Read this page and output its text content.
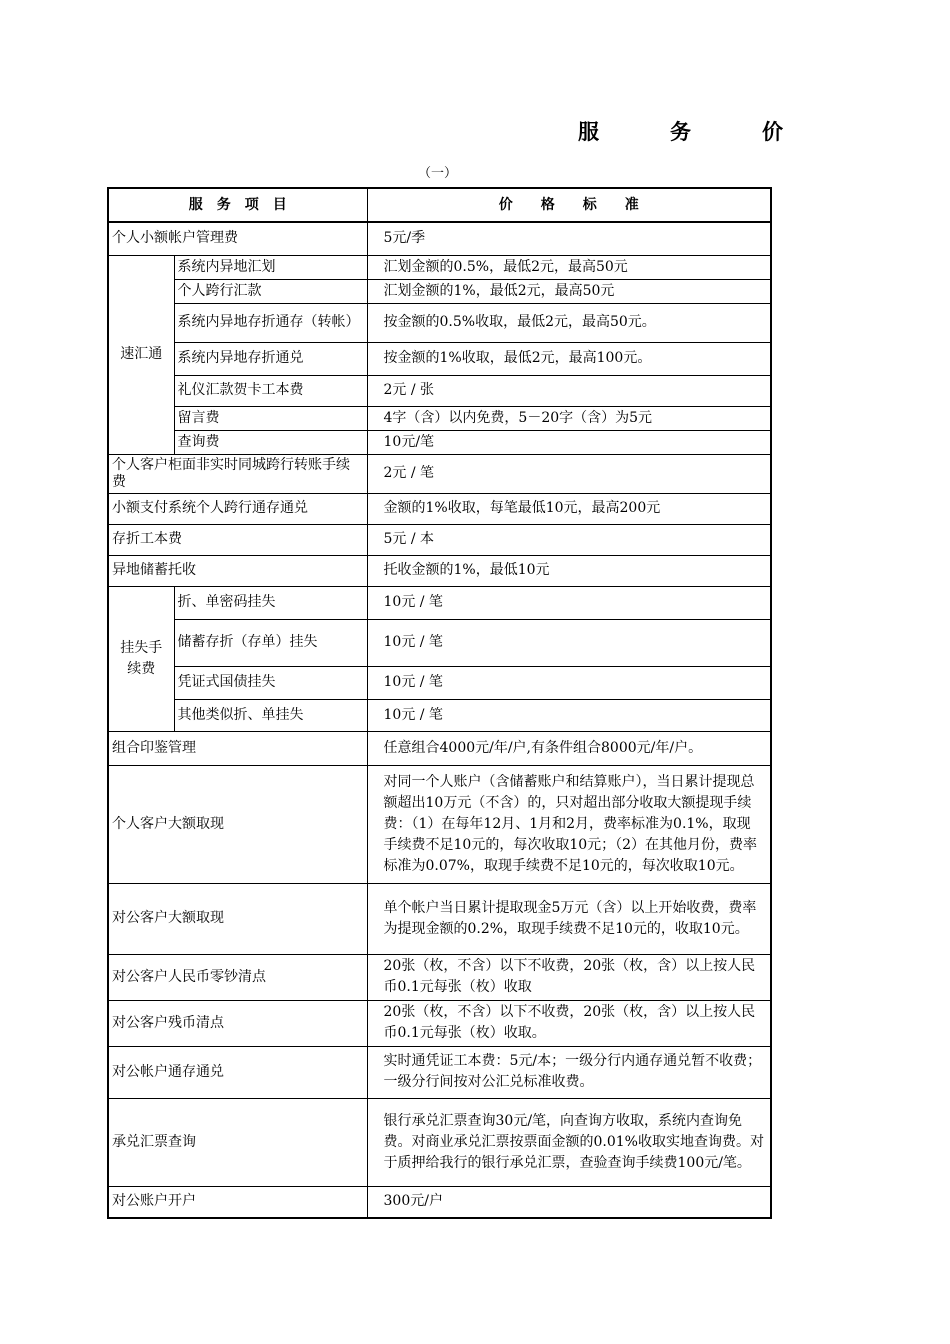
服	务	价
（一）
服　务　项　目		价　　格　　标　　准
个人小额帐户管理费		5元/季
速汇通	系统内异地汇划	汇划金额的0.5%，最低2元，最高50元
	个人跨行汇款	汇划金额的1%，最低2元，最高50元
	系统内异地存折通存（转帐）	按金额的0.5%收取，最低2元，最高50元。
	系统内异地存折通兑	按金额的1%收取，最低2元，最高100元。
	礼仪汇款贺卡工本费	2元 / 张
	留言费	4字（含）以内免费，5－20字（含）为5元
	查询费	10元/笔
个人客户柜面非实时同城跨行转账手续费		2元 / 笔
小额支付系统个人跨行通存通兑		金额的1%收取，每笔最低10元，最高200元
存折工本费		5元 / 本
异地储蓄托收		托收金额的1%，最低10元
挂失手续费	折、单密码挂失	10元 / 笔
	储蓄存折（存单）挂失	10元 / 笔
	凭证式国债挂失	10元 / 笔
	其他类似折、单挂失	10元 / 笔
组合印鉴管理		任意组合4000元/年/户,有条件组合8000元/年/户。
个人客户大额取现		对同一个人账户（含储蓄账户和结算账户），当日累计提现总额超出10万元（不含）的，只对超出部分收取大额提现手续费：（1）在每年12月、1月和2月，费率标准为0.1%，取现手续费不足10元的，每次收取10元；（2）在其他月份，费率标准为0.07%，取现手续费不足10元的，每次收取10元。
对公客户大额取现		单个帐户当日累计提取现金5万元（含）以上开始收费，费率为提现金额的0.2%，取现手续费不足10元的，收取10元。
对公客户人民币零钞清点		20张（枚，不含）以下不收费，20张（枚，含）以上按人民币0.1元每张（枚）收取
对公客户残币清点		20张（枚，不含）以下不收费，20张（枚，含）以上按人民币0.1元每张（枚）收取。
对公帐户通存通兑		实时通凭证工本费：5元/本；一级分行内通存通兑暂不收费；一级分行间按对公汇兑标准收费。
承兑汇票查询		银行承兑汇票查询30元/笔，向查询方收取，系统内查询免费。对商业承兑汇票按票面金额的0.01%收取实地查询费。对于质押给我行的银行承兑汇票，查验查询手续费100元/笔。
对公账户开户		300元/户
